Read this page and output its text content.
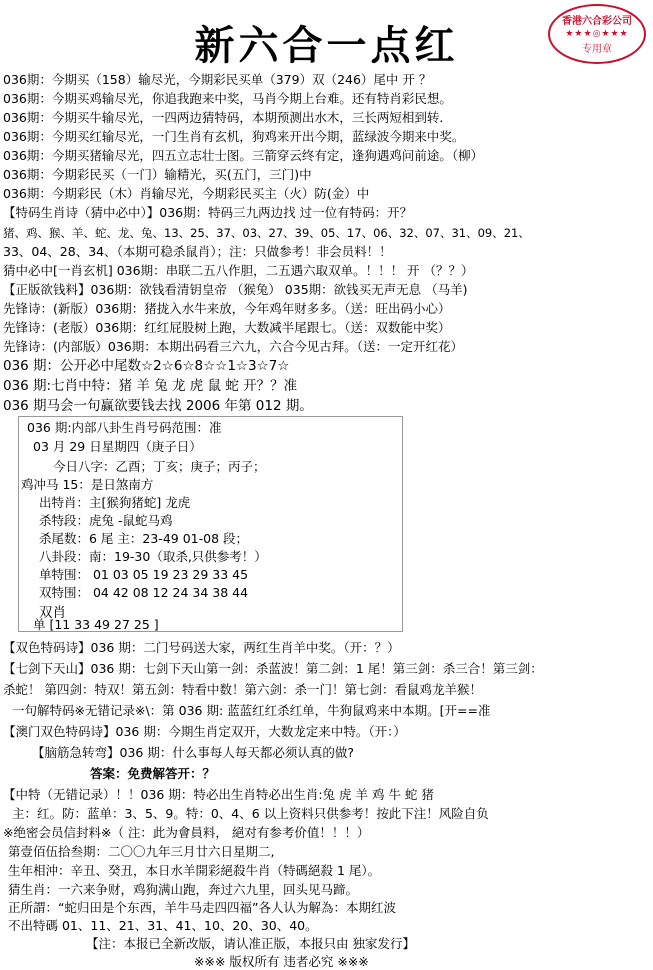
新六合一点红
香港六合彩公司
★★★◎★★★
专用章
036期：今期买（158）输尽光，今期彩民买单（379）双（246）尾中 开 ？
036期：今期买鸡输尽光，你追我跑来中奖，马肖今期上台难。还有特肖彩民想。
036期：今期买牛输尽光，一四两边猜特码，本期预测出水木，三长两短相到转.
036期：今期买红输尽光，一门生肖有玄机，狗鸡来开出今期，蓝绿波今期来中奖。
036期：今期买猪输尽光，四五立志壮士图。三箭穿云终有定，逢狗遇鸡问前途。（柳）
036期：今期彩民买（一门）输精光，买(五门，三门)中
036期：今期彩民（木）肖输尽光，今期彩民买主（火）防(金）中
【特码生肖诗（猜中必中）】036期：特码三九两边找 过一位有特码：开？
猪、鸡、猴、羊、蛇、龙、兔、13、25、37、03、27、39、05、17、06、32、07、31、09、21、
33、04、28、34、（本期可稳杀鼠肖）；注：只做参考！非会员料！！
猜中必中[一肖玄机] 036期：串联二五八作胆，二五遇六取双单。！！！ 开 （？？）
【正版欲钱料】036期：欲钱看清钥皇帝 （猴兔） 035期：欲钱买无声无息 （马羊)
先锋诗：(新版）036期：猪拢入水牛来放，今年鸡年财多多。（送：旺出码小心）
先锋诗：(老版）036期：红红屁股树上跑，大数减半尾跟七。（送：双数能中奖）
先锋诗：(内部版）036期：本期出码看三六九，六合今见古拜。（送：一定开红花）
036 期：公开必中尾数☆2☆6☆8☆☆1☆3☆7☆
036 期:七肖中特：猪 羊 兔 龙 虎 鼠 蛇 开？？准
036 期马会一句赢欲要钱去找 2006 年第 012 期。
036 期:内部八卦生肖号码范围：准
03 月 29 日星期四（庚子日）
今日八字：乙酉；丁亥；庚子；丙子；
鸡冲马 15：是日煞南方
出特肖：主[猴狗猪蛇] 龙虎
杀特段：虎兔 -鼠蛇马鸡
杀尾数：6 尾 主：23-49 01-08 段；
八卦段：南：19-30（取杀,只供参考！）
单特围： 01 03 05 19 23 29 33 45
双特围： 04 42 08 12 24 34 38 44
双肖
单 [11 33 49 27 25 ]
【双色特码诗】036 期：二门号码送大家，两红生肖羊中奖。（开：？）
【七剑下天山】036 期：七剑下天山第一剑：杀蓝波！第二剑：1 尾！第三剑：杀三合！第三剑：
杀蛇！ 第四剑：特双！第五剑：特看中数！第六剑：杀一门！第七剑：看鼠鸡龙羊猴！
一句解特码※无错记录※\：第 036 期: 蓝蓝红红杀红单，牛狗鼠鸡来中本期。[开==准
【澳门双色特码诗】036 期：今期生肖定双开，大数龙定来中特。（开：）
【脑筋急转弯】036 期：什么事每人每天都必须认真的做?
答案：免费解答开：？
【中特（无错记录）！！036 期：特必出生肖特必出生肖:兔 虎 羊 鸡 牛 蛇 猪
主：红。防：蓝单：3、5、9。特：0、4、6 以上资料只供参考！按此下注！风险自负
※绝密会员信封料※（ 注：此为會員料， 絕对有参考价值！！！）
第壹佰伍拾叁期：二〇〇九年三月廿六日星期二,
生年相沖：辛丑、癸丑，本日水羊開彩絕殺牛肖（特碼絕殺 1 尾）。
猜生肖：一六来争财，鸡狗满山跑，奔过六九里，回头见马蹄。
正所謂：“蛇归田是个东西，羊牛马走四四福”各人认为解為：本期红波
不出特碼 01、11、21、31、41、10、20、30、40。
【注：本报已全新改版，请认准正版，本报只由 独家发行】
※※※ 版权所有 违者必究 ※※※
